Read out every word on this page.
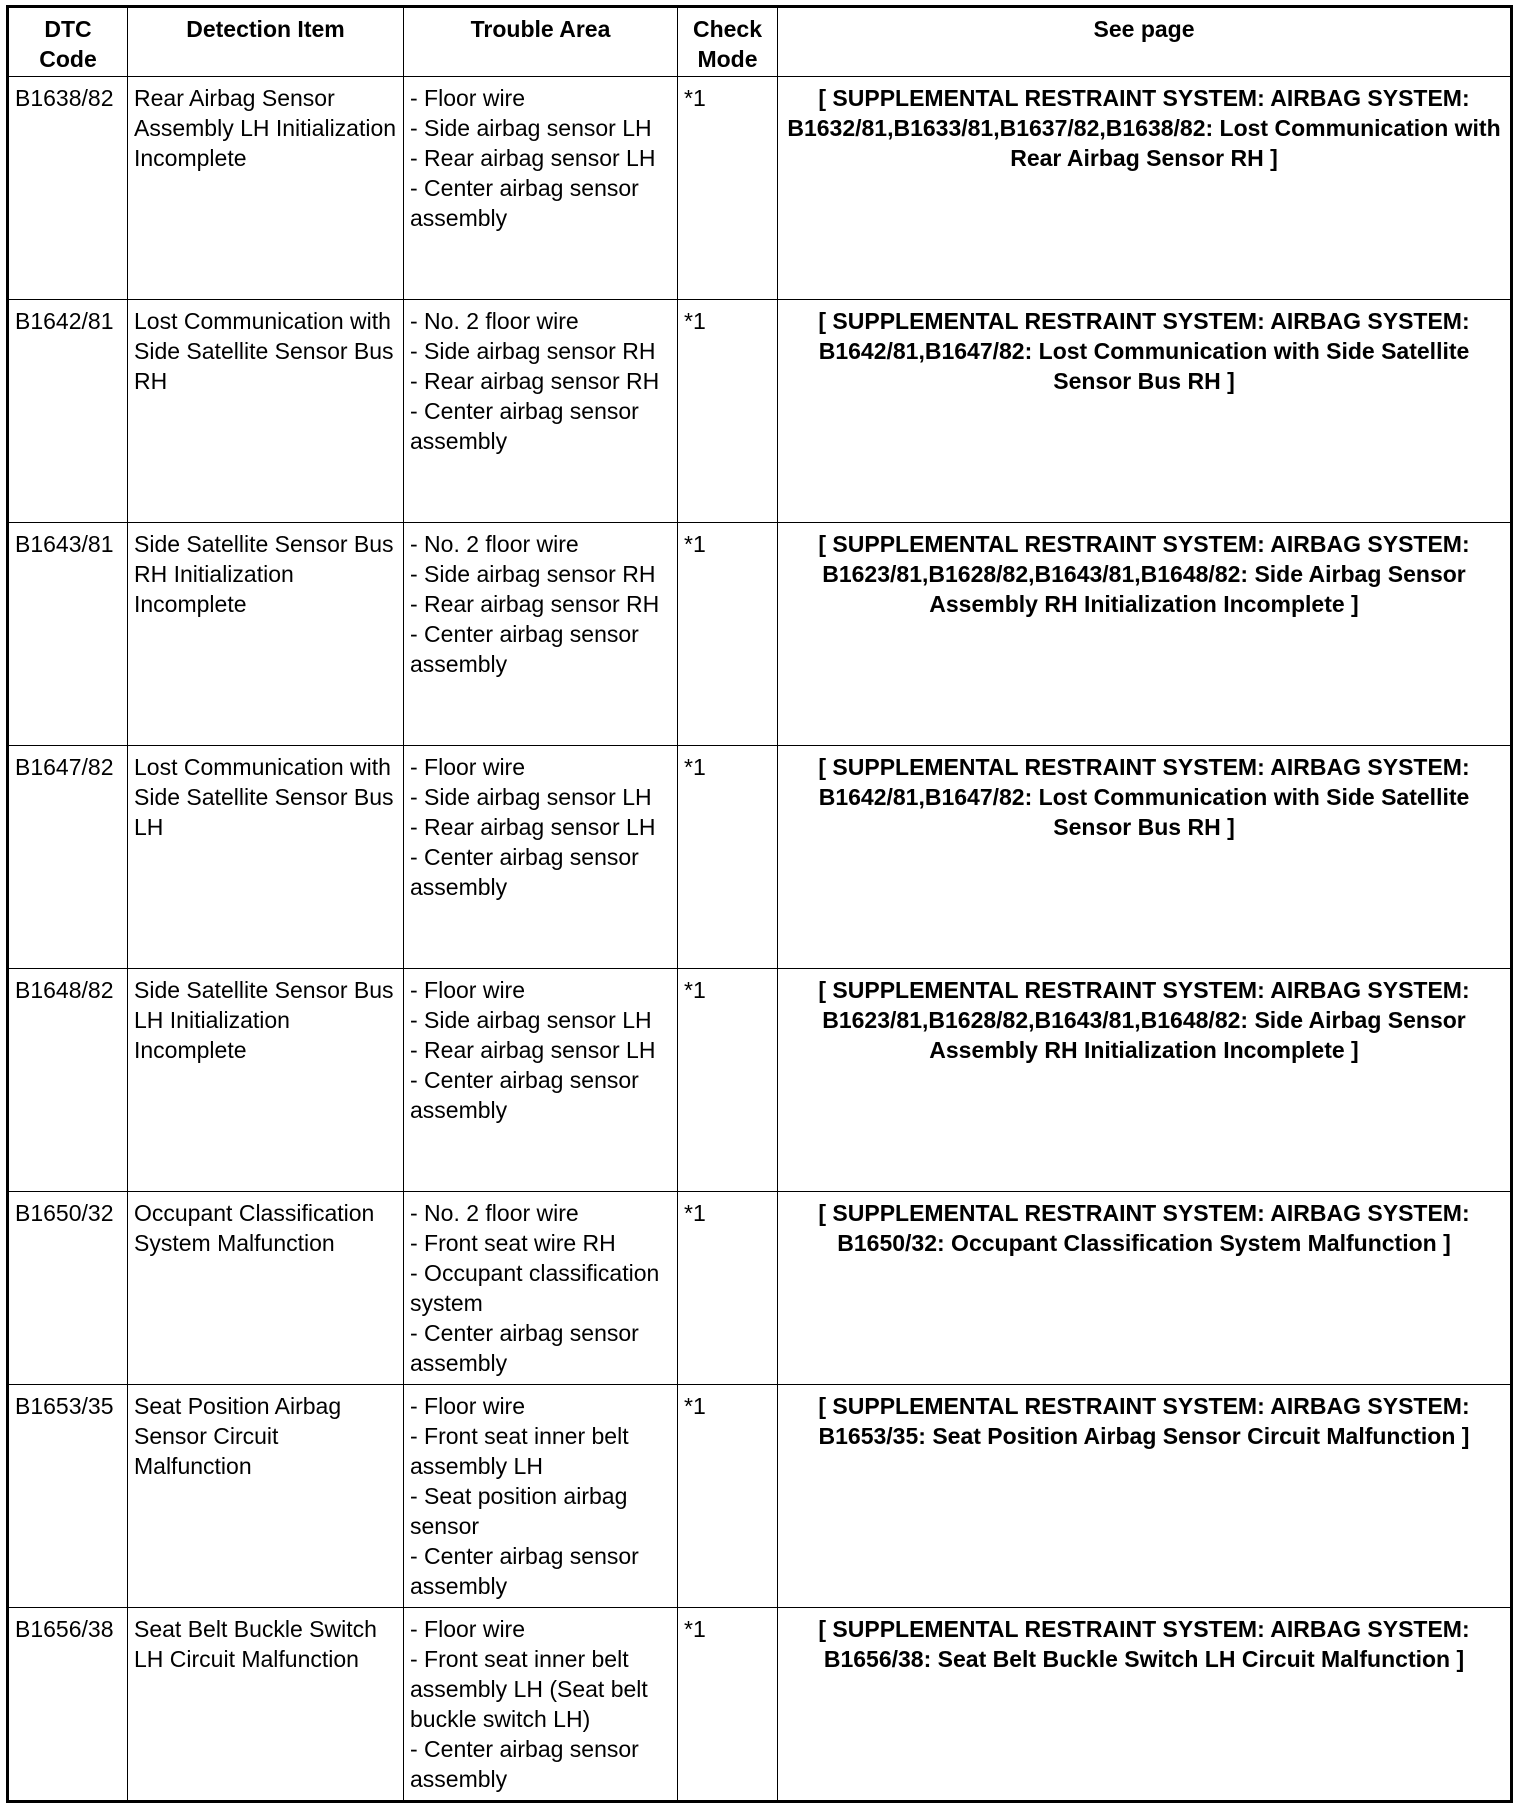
DTC Code	Detection Item	Trouble Area	Check Mode	See page
B1638/82	Rear Airbag Sensor Assembly LH Initialization Incomplete	- Floor wire
- Side airbag sensor LH
- Rear airbag sensor LH
- Center airbag sensor assembly	*1	[ SUPPLEMENTAL RESTRAINT SYSTEM: AIRBAG SYSTEM: B1632/81,B1633/81,B1637/82,B1638/82: Lost Communication with Rear Airbag Sensor RH ]
B1642/81	Lost Communication with Side Satellite Sensor Bus RH	- No. 2 floor wire
- Side airbag sensor RH
- Rear airbag sensor RH
- Center airbag sensor assembly	*1	[ SUPPLEMENTAL RESTRAINT SYSTEM: AIRBAG SYSTEM: B1642/81,B1647/82: Lost Communication with Side Satellite Sensor Bus RH ]
B1643/81	Side Satellite Sensor Bus RH Initialization Incomplete	- No. 2 floor wire
- Side airbag sensor RH
- Rear airbag sensor RH
- Center airbag sensor assembly	*1	[ SUPPLEMENTAL RESTRAINT SYSTEM: AIRBAG SYSTEM: B1623/81,B1628/82,B1643/81,B1648/82: Side Airbag Sensor Assembly RH Initialization Incomplete ]
B1647/82	Lost Communication with Side Satellite Sensor Bus LH	- Floor wire
- Side airbag sensor LH
- Rear airbag sensor LH
- Center airbag sensor assembly	*1	[ SUPPLEMENTAL RESTRAINT SYSTEM: AIRBAG SYSTEM: B1642/81,B1647/82: Lost Communication with Side Satellite Sensor Bus RH ]
B1648/82	Side Satellite Sensor Bus LH Initialization Incomplete	- Floor wire
- Side airbag sensor LH
- Rear airbag sensor LH
- Center airbag sensor assembly	*1	[ SUPPLEMENTAL RESTRAINT SYSTEM: AIRBAG SYSTEM: B1623/81,B1628/82,B1643/81,B1648/82: Side Airbag Sensor Assembly RH Initialization Incomplete ]
B1650/32	Occupant Classification System Malfunction	- No. 2 floor wire
- Front seat wire RH
- Occupant classification system
- Center airbag sensor assembly	*1	[ SUPPLEMENTAL RESTRAINT SYSTEM: AIRBAG SYSTEM: B1650/32: Occupant Classification System Malfunction ]
B1653/35	Seat Position Airbag Sensor Circuit Malfunction	- Floor wire
- Front seat inner belt assembly LH
- Seat position airbag sensor
- Center airbag sensor assembly	*1	[ SUPPLEMENTAL RESTRAINT SYSTEM: AIRBAG SYSTEM: B1653/35: Seat Position Airbag Sensor Circuit Malfunction ]
B1656/38	Seat Belt Buckle Switch LH Circuit Malfunction	- Floor wire
- Front seat inner belt assembly LH (Seat belt buckle switch LH)
- Center airbag sensor assembly	*1	[ SUPPLEMENTAL RESTRAINT SYSTEM: AIRBAG SYSTEM: B1656/38: Seat Belt Buckle Switch LH Circuit Malfunction ]
